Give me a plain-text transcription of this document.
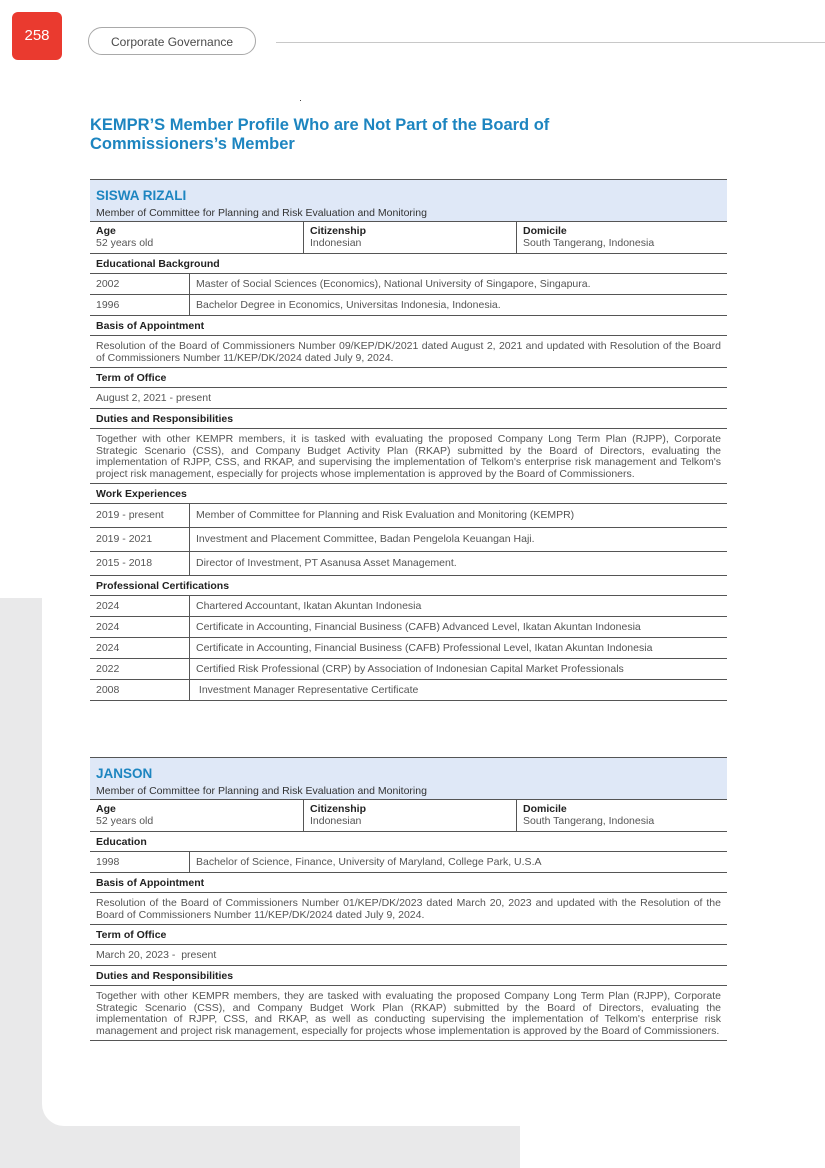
258	Corporate Governance
KEMPR’S Member Profile Who are Not Part of the Board of
Commissioners’s Member
SISWA RIZALI
Member of Committee for Planning and Risk Evaluation and Monitoring
Age
52 years old
Citizenship
Indonesian
Domicile
South Tangerang, Indonesia
Educational Background
2002	Master of Social Sciences (Economics), National University of Singapore, Singapura.
1996	Bachelor Degree in Economics, Universitas Indonesia, Indonesia.
Basis of Appointment
Resolution of the Board of Commissioners Number 09/KEP/DK/2021 dated August 2, 2021 and updated with Resolution of the Board of Commissioners Number 11/KEP/DK/2024 dated July 9, 2024.
Term of Office
August 2, 2021 - present
Duties and Responsibilities
Together with other KEMPR members, it is tasked with evaluating the proposed Company Long Term Plan (RJPP), Corporate Strategic Scenario (CSS), and Company Budget Activity Plan (RKAP) submitted by the Board of Directors, evaluating the implementation of RJPP, CSS, and RKAP, and supervising the implementation of Telkom's enterprise risk management and Telkom's project risk management, especially for projects whose implementation is approved by the Board of Commissioners.
Work Experiences
2019 - present	Member of Committee for Planning and Risk Evaluation and Monitoring (KEMPR)
2019 - 2021	Investment and Placement Committee, Badan Pengelola Keuangan Haji.
2015 - 2018	Director of Investment, PT Asanusa Asset Management.
Professional Certifications
2024	Chartered Accountant, Ikatan Akuntan Indonesia
2024	Certificate in Accounting, Financial Business (CAFB) Advanced Level, Ikatan Akuntan Indonesia
2024	Certificate in Accounting, Financial Business (CAFB) Professional Level, Ikatan Akuntan Indonesia
2022	Certified Risk Professional (CRP) by Association of Indonesian Capital Market Professionals
2008	Investment Manager Representative Certificate
JANSON
Member of Committee for Planning and Risk Evaluation and Monitoring
Age
52 years old
Citizenship
Indonesian
Domicile
South Tangerang, Indonesia
Education
1998	Bachelor of Science, Finance, University of Maryland, College Park, U.S.A
Basis of Appointment
Resolution of the Board of Commissioners Number 01/KEP/DK/2023 dated March 20, 2023 and updated with the Resolution of the Board of Commissioners Number 11/KEP/DK/2024 dated July 9, 2024.
Term of Office
March 20, 2023 -  present
Duties and Responsibilities
Together with other KEMPR members, they are tasked with evaluating the proposed Company Long Term Plan (RJPP), Corporate Strategic Scenario (CSS), and Company Budget Work Plan (RKAP) submitted by the Board of Directors, evaluating the implementation of RJPP, CSS, and RKAP, as well as conducting supervising the implementation of Telkom's enterprise risk management and project risk management, especially for projects whose implementation is approved by the Board of Commissioners.
